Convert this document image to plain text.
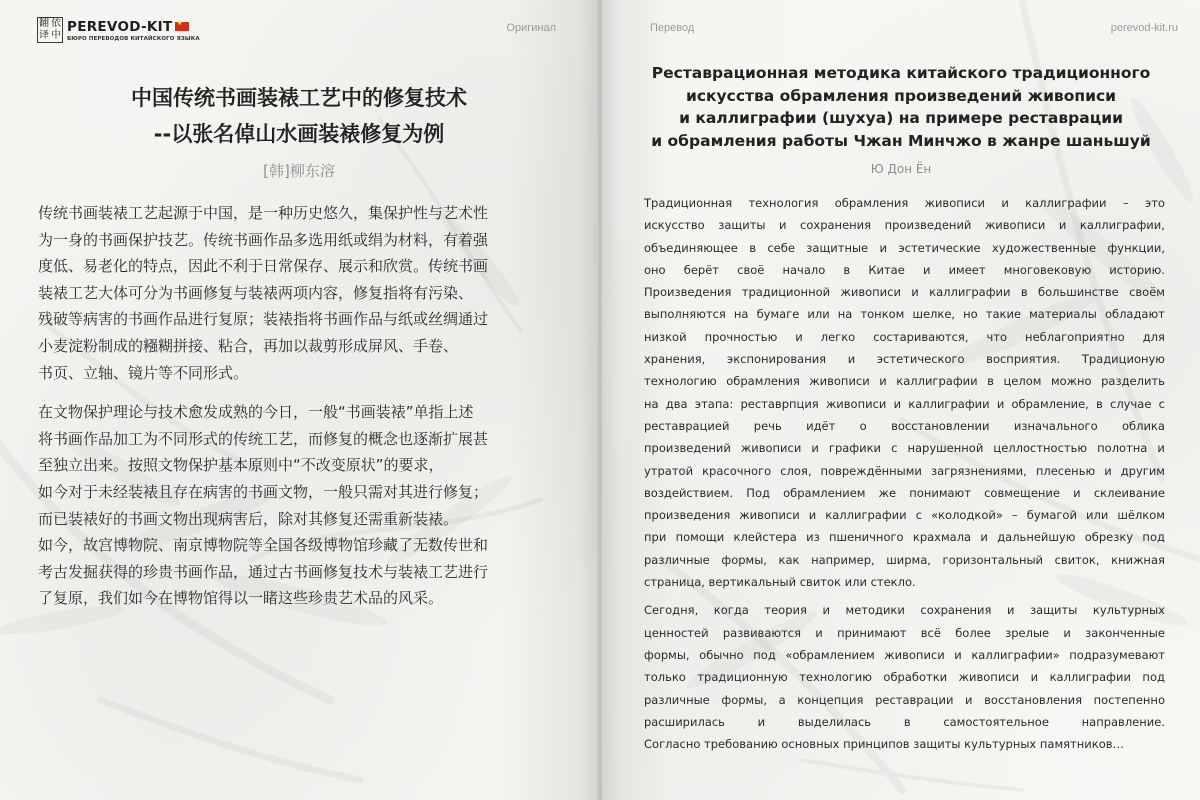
翻 依
译 中
PEREVOD-KIT
★
БЮРО ПЕРЕВОДОВ КИТАЙСКОГО ЯЗЫКА
Оригинал
中国传统书画装裱工艺中的修复技术
--以张名倬山水画装裱修复为例
[韩]柳东溶
传统书画装裱工艺起源于中国，是一种历史悠久，集保护性与艺术性
为一身的书画保护技艺。传统书画作品多选用纸或绢为材料，有着强
度低、易老化的特点，因此不利于日常保存、展示和欣赏。传统书画
装裱工艺大体可分为书画修复与装裱两项内容，修复指将有污染、
残破等病害的书画作品进行复原；装裱指将书画作品与纸或丝绸通过
小麦淀粉制成的糨糊拼接、粘合，再加以裁剪形成屏风、手卷、
书页、立轴、镜片等不同形式。
在文物保护理论与技术愈发成熟的今日，一般“书画装裱”单指上述
将书画作品加工为不同形式的传统工艺，而修复的概念也逐渐扩展甚
至独立出来。按照文物保护基本原则中“不改变原状”的要求，
如今对于未经装裱且存在病害的书画文物，一般只需对其进行修复；
而已装裱好的书画文物出现病害后，除对其修复还需重新装裱。
如今，故宫博物院、南京博物院等全国各级博物馆珍藏了无数传世和
考古发掘获得的珍贵书画作品，通过古书画修复技术与装裱工艺进行
了复原，我们如今在博物馆得以一睹这些珍贵艺术品的风采。
Перевод	perevod-kit.ru
Реставрационная методика китайского традиционного
искусства обрамления произведений живописи
и каллиграфии (шухуа) на примере реставрации
и обрамления работы Чжан Минчжо в жанре шаньшуй
Ю Дон Ён
Традиционная технология обрамления живописи и каллиграфии – это
искусство защиты и сохранения произведений живописи и каллиграфии,
объединяющее в себе защитные и эстетические художественные функции,
оно берёт своё начало в Китае и имеет многовековую историю.
Произведения традиционной живописи и каллиграфии в большинстве своём
выполняются на бумаге или на тонком шелке, но такие материалы обладают
низкой прочностью и легко состариваются, что неблагоприятно для
хранения, экспонирования и эстетического восприятия. Традиционую
технологию обрамления живописи и каллиграфии в целом можно разделить
на два этапа: реставрпция живописи и каллиграфии и обрамление, в случае с
реставрацией речь идёт о восстановлении изначального облика
произведений живописи и графики с нарушенной целлостностью полотна и
утратой красочного слоя, повреждёнными загрязнениями, плесенью и другим
воздействием. Под обрамлением же понимают совмещение и склеивание
произведения живописи и каллиграфии с «колодкой» – бумагой или шёлком
при помощи клейстера из пшеничного крахмала и дальнейшую обрезку под
различные формы, как например, ширма, горизонтальный свиток, книжная
страница, вертикальный свиток или стекло.
Сегодня, когда теория и методики сохранения и защиты культурных
ценностей развиваются и принимают всё более зрелые и законченные
формы, обычно под «обрамлением живописи и каллиграфии» подразумевают
только традиционную технологию обработки живописи и каллиграфии под
различные формы, а концепция реставрации и восстановления постепенно
расширилась	и	выделилась	в	самостоятельное	направление.
Согласно требованию основных принципов защиты культурных памятников…
